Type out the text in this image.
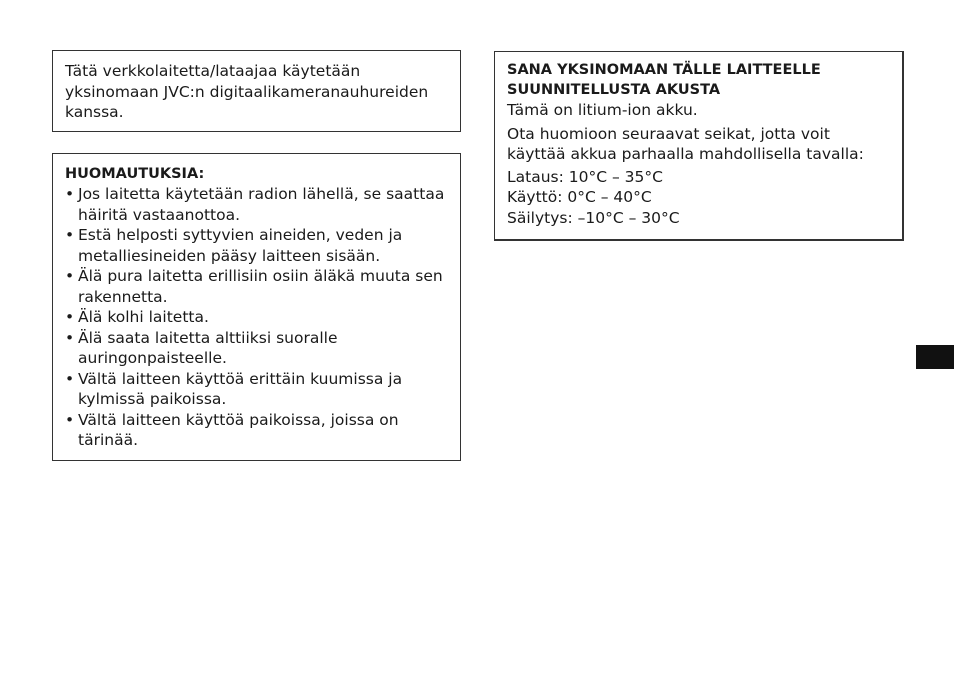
Tätä verkkolaitetta/lataajaa käytetään yksinomaan JVC:n digitaalikameranauhureiden kanssa.

HUOMAUTUKSIA:
• Jos laitetta käytetään radion lähellä, se saattaa häiritä vastaanottoa.
• Estä helposti syttyvien aineiden, veden ja metalliesineiden pääsy laitteen sisään.
• Älä pura laitetta erillisiin osiin äläkä muuta sen rakennetta.
• Älä kolhi laitetta.
• Älä saata laitetta alttiiksi suoralle auringonpaisteelle.
• Vältä laitteen käyttöä erittäin kuumissa ja kylmissä paikoissa.
• Vältä laitteen käyttöä paikoissa, joissa on tärinää.
SANA YKSINOMAAN TÄLLE LAITTEELLE SUUNNITELLUSTA AKUSTA

Tämä on litium-ion akku.

Ota huomioon seuraavat seikat, jotta voit käyttää akkua parhaalla mahdollisella tavalla:

Lataus: 10°C – 35°C
Käyttö: 0°C – 40°C
Säilytys: –10°C – 30°C
